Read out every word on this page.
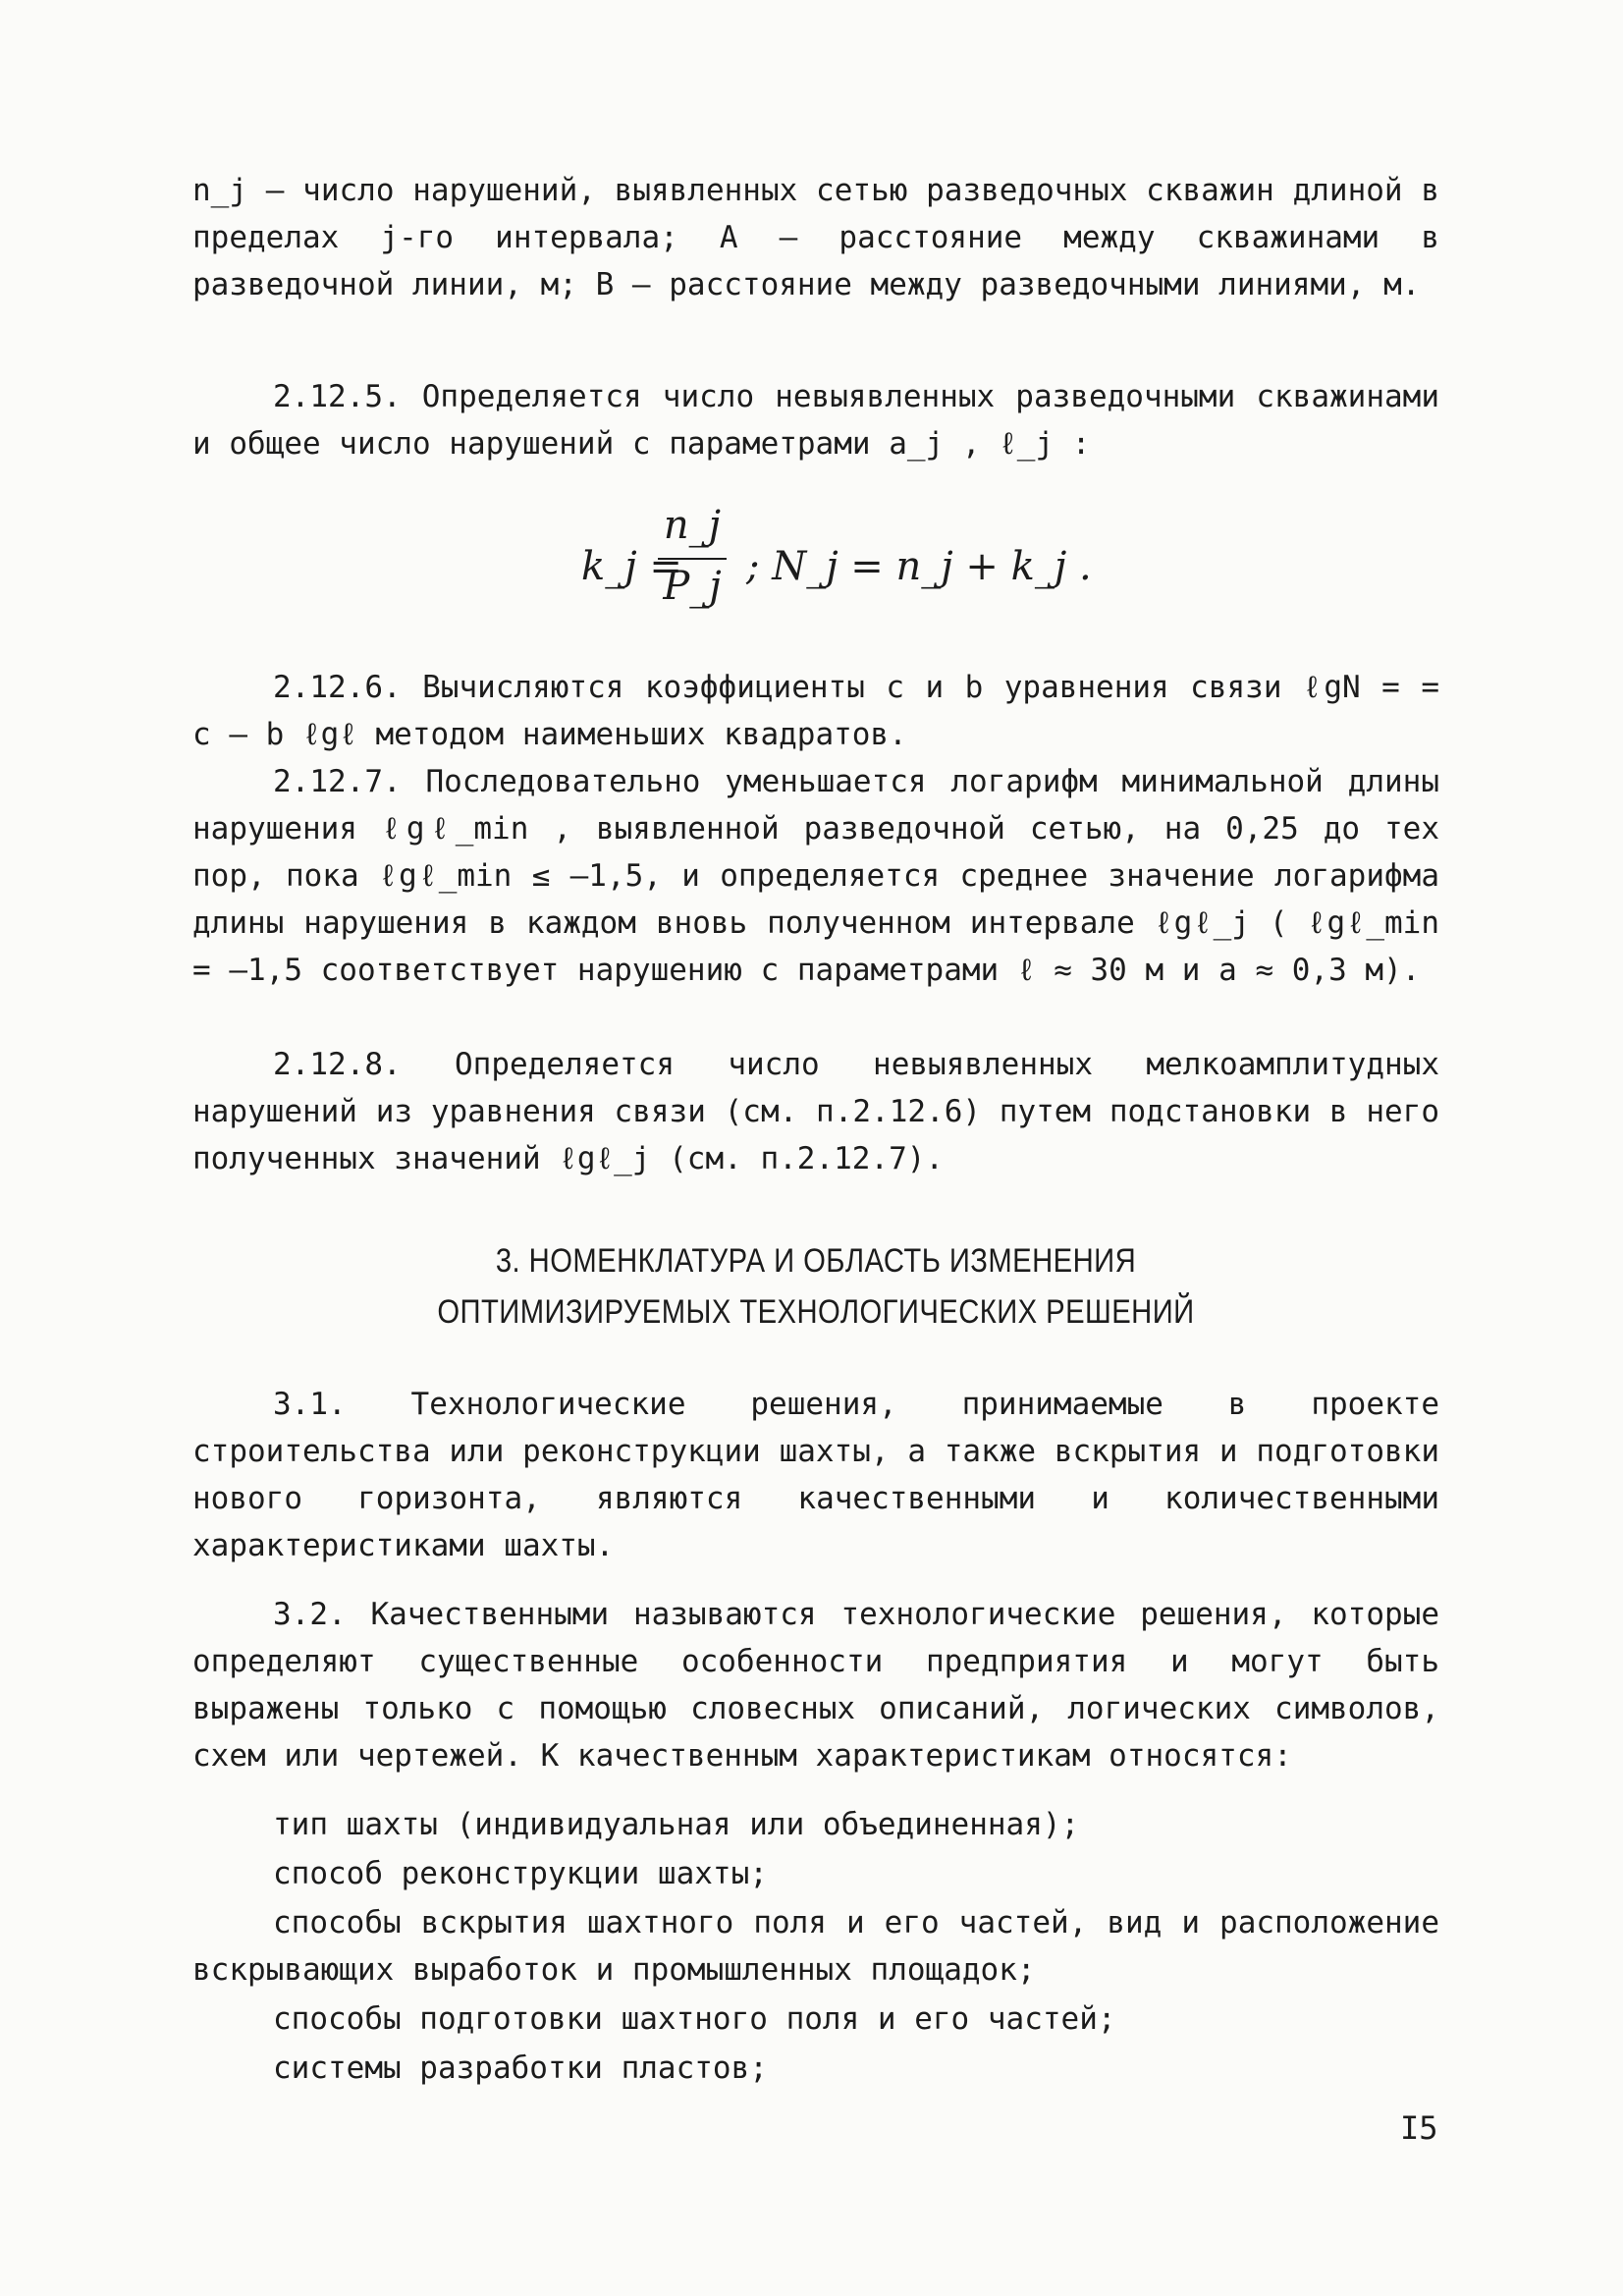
n_j – число нарушений, выявленных сетью разведочных скважин длиной в пределах j-го интервала; A – расстояние между скважинами в разведочной линии, м; B – расстояние между разведочными линиями, м.

2.12.5. Определяется число невыявленных разведочными скважинами и общее число нарушений с параметрами a_j , ℓ_j :

k_j =
n_j
P_j ; N_j = n_j + k_j .

2.12.6. Вычисляются коэффициенты c и b уравнения связи ℓgN = = c – b ℓgℓ методом наименьших квадратов.

2.12.7. Последовательно уменьшается логарифм минимальной длины нарушения ℓgℓ_min , выявленной разведочной сетью, на 0,25 до тех пор, пока ℓgℓ_min ≤ –1,5, и определяется среднее значение логарифма длины нарушения в каждом вновь полученном интервале ℓgℓ_j ( ℓgℓ_min = –1,5 соответствует нарушению с параметрами ℓ ≈ 30 м и a ≈ 0,3 м).

2.12.8. Определяется число невыявленных мелкоамплитудных нарушений из уравнения связи (см. п.2.12.6) путем подстановки в него полученных значений ℓgℓ_j (см. п.2.12.7).

3. НОМЕНКЛАТУРА И ОБЛАСТЬ ИЗМЕНЕНИЯ
ОПТИМИЗИРУЕМЫХ ТЕХНОЛОГИЧЕСКИХ РЕШЕНИЙ

3.1. Технологические решения, принимаемые в проекте строительства или реконструкции шахты, а также вскрытия и подготовки нового горизонта, являются качественными и количественными характеристиками шахты.

3.2. Качественными называются технологические решения, которые определяют существенные особенности предприятия и могут быть выражены только с помощью словесных описаний, логических символов, схем или чертежей. К качественным характеристикам относятся:

тип шахты (индивидуальная или объединенная);

способ реконструкции шахты;

способы вскрытия шахтного поля и его частей, вид и расположение вскрывающих выработок и промышленных площадок;

способы подготовки шахтного поля и его частей;

системы разработки пластов;

I5
